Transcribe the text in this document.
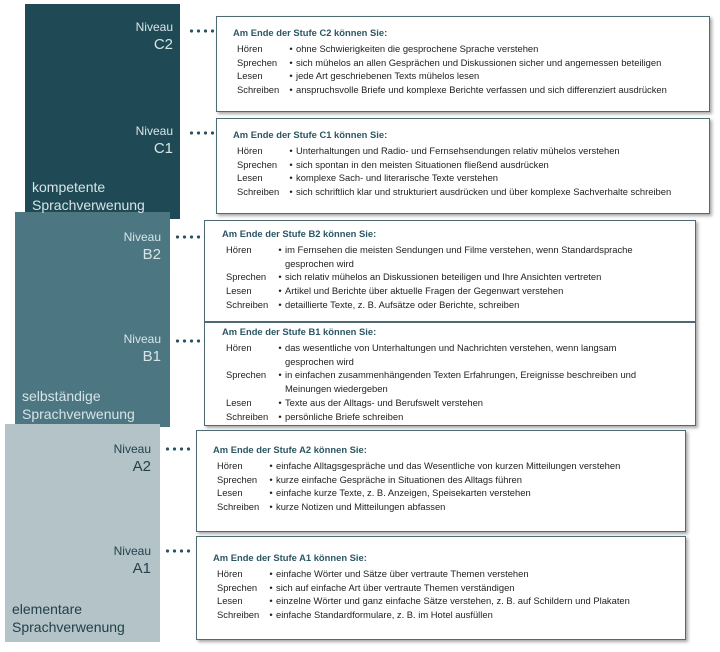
kompetente
Sprachverwenung
selbständige
Sprachverwenung
elementare
Sprachverwenung
Niveau
C2
Niveau
C1
Niveau
B2
Niveau
B1
Niveau
A2
Niveau
A1
Am Ende der Stufe C2 können Sie:
Hören	• ohne Schwierigkeiten die gesprochene Sprache verstehen
Sprechen	• sich mühelos an allen Gesprächen und Diskussionen sicher und angemessen beteiligen
Lesen	• jede Art geschriebenen Texts mühelos lesen
Schreiben	• anspruchsvolle Briefe und komplexe Berichte verfassen und sich differenziert ausdrücken
Am Ende der Stufe C1 können Sie:
Hören	• Unterhaltungen und Radio- und Fernsehsendungen relativ mühelos verstehen
Sprechen	• sich spontan in den meisten Situationen fließend ausdrücken
Lesen	• komplexe Sach- und literarische Texte verstehen
Schreiben	• sich schriftlich klar und strukturiert ausdrücken und über komplexe Sachverhalte schreiben
Am Ende der Stufe B2 können Sie:
Hören	• im Fernsehen die meisten Sendungen und Filme verstehen, wenn Standardsprache gesprochen wird
Sprechen	• sich relativ mühelos an Diskussionen beteiligen und Ihre Ansichten vertreten
Lesen	• Artikel und Berichte über aktuelle Fragen der Gegenwart verstehen
Schreiben	• detaillierte Texte, z. B. Aufsätze oder Berichte, schreiben
Am Ende der Stufe B1 können Sie:
Hören	• das wesentliche von Unterhaltungen und Nachrichten verstehen, wenn langsam gesprochen wird
Sprechen	• in einfachen zusammenhängenden Texten Erfahrungen, Ereignisse beschreiben und Meinungen wiedergeben
Lesen	• Texte aus der Alltags- und Berufswelt verstehen
Schreiben	• persönliche Briefe schreiben
Am Ende der Stufe A2 können Sie:
Hören	• einfache Alltagsgespräche und das Wesentliche von kurzen Mitteilungen verstehen
Sprechen	• kurze einfache Gespräche in Situationen des Alltags führen
Lesen	• einfache kurze Texte, z. B. Anzeigen, Speisekarten verstehen
Schreiben	• kurze Notizen und Mitteilungen abfassen
Am Ende der Stufe A1 können Sie:
Hören	• einfache Wörter und Sätze über vertraute Themen verstehen
Sprechen	• sich auf einfache Art über vertraute Themen verständigen
Lesen	• einzelne Wörter und ganz einfache Sätze verstehen, z. B. auf Schildern und Plakaten
Schreiben	• einfache Standardformulare, z. B. im Hotel ausfüllen
